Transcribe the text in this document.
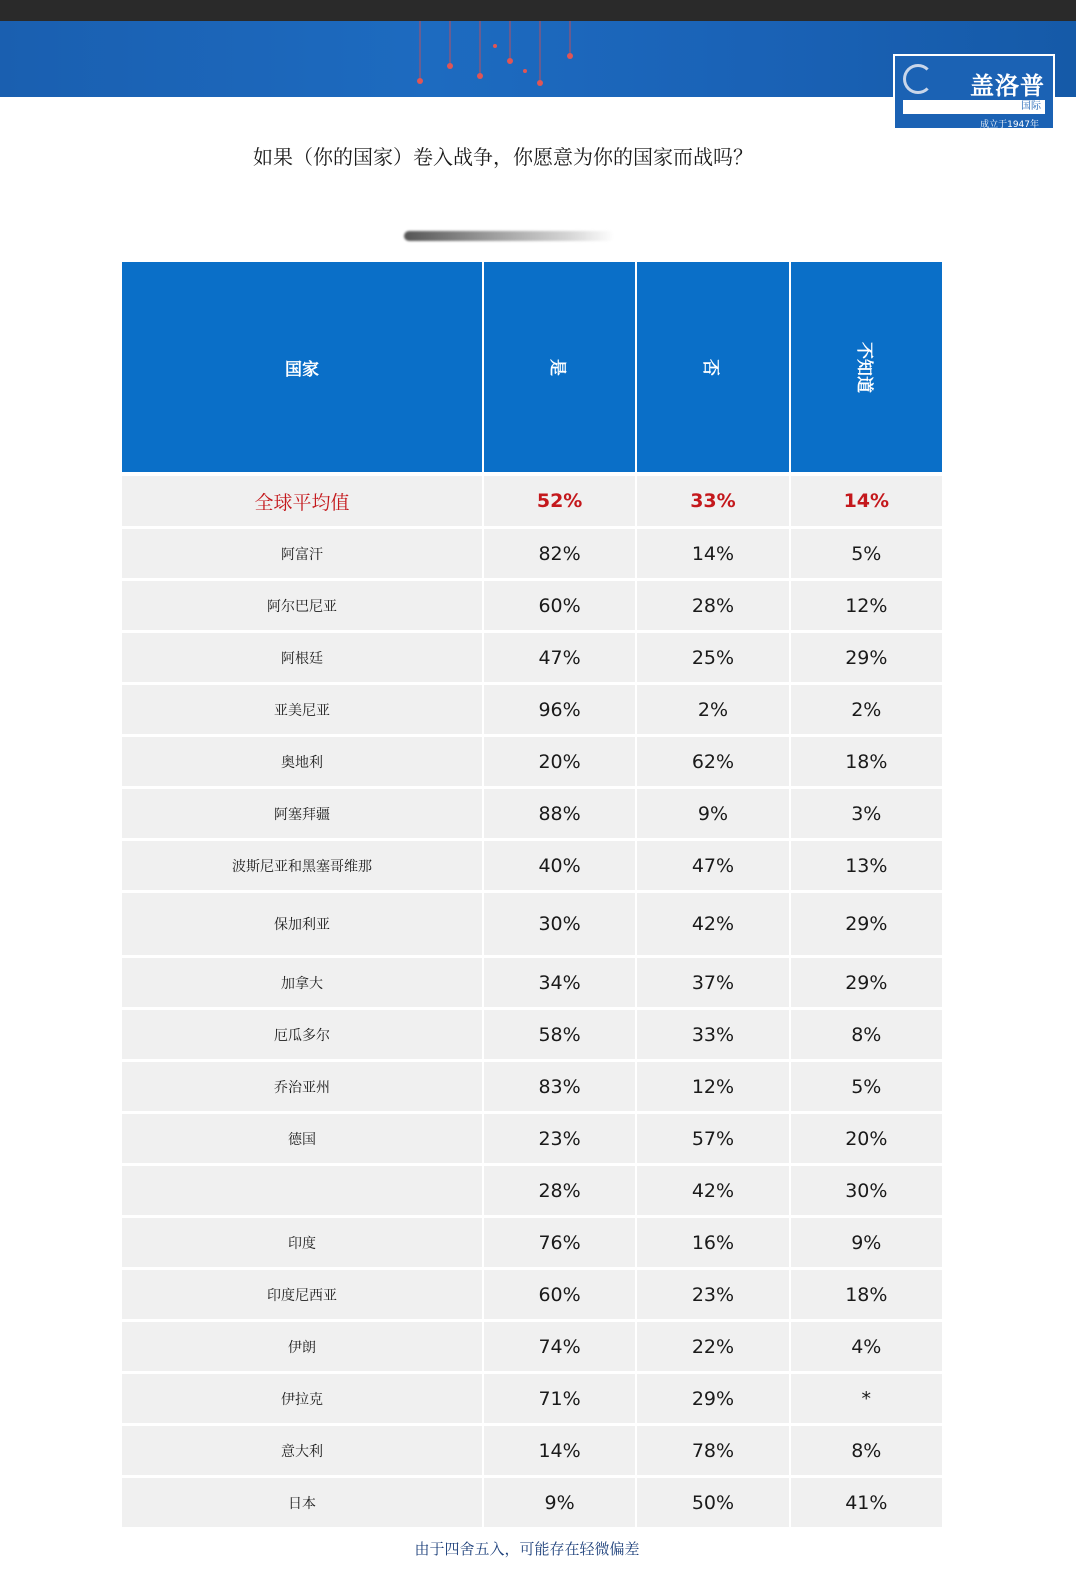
盖洛普
国际
成立于1947年
如果（你的国家）卷入战争，你愿意为你的国家而战吗？
国家	是	否	不知道
全球平均值	52%	33%	14%
阿富汗	82%	14%	5%
阿尔巴尼亚	60%	28%	12%
阿根廷	47%	25%	29%
亚美尼亚	96%	2%	2%
奥地利	20%	62%	18%
阿塞拜疆	88%	9%	3%
波斯尼亚和黑塞哥维那	40%	47%	13%
保加利亚	30%	42%	29%
加拿大	34%	37%	29%
厄瓜多尔	58%	33%	8%
乔治亚州	83%	12%	5%
德国	23%	57%	20%
	28%	42%	30%
印度	76%	16%	9%
印度尼西亚	60%	23%	18%
伊朗	74%	22%	4%
伊拉克	71%	29%	*
意大利	14%	78%	8%
日本	9%	50%	41%
由于四舍五入，可能存在轻微偏差
